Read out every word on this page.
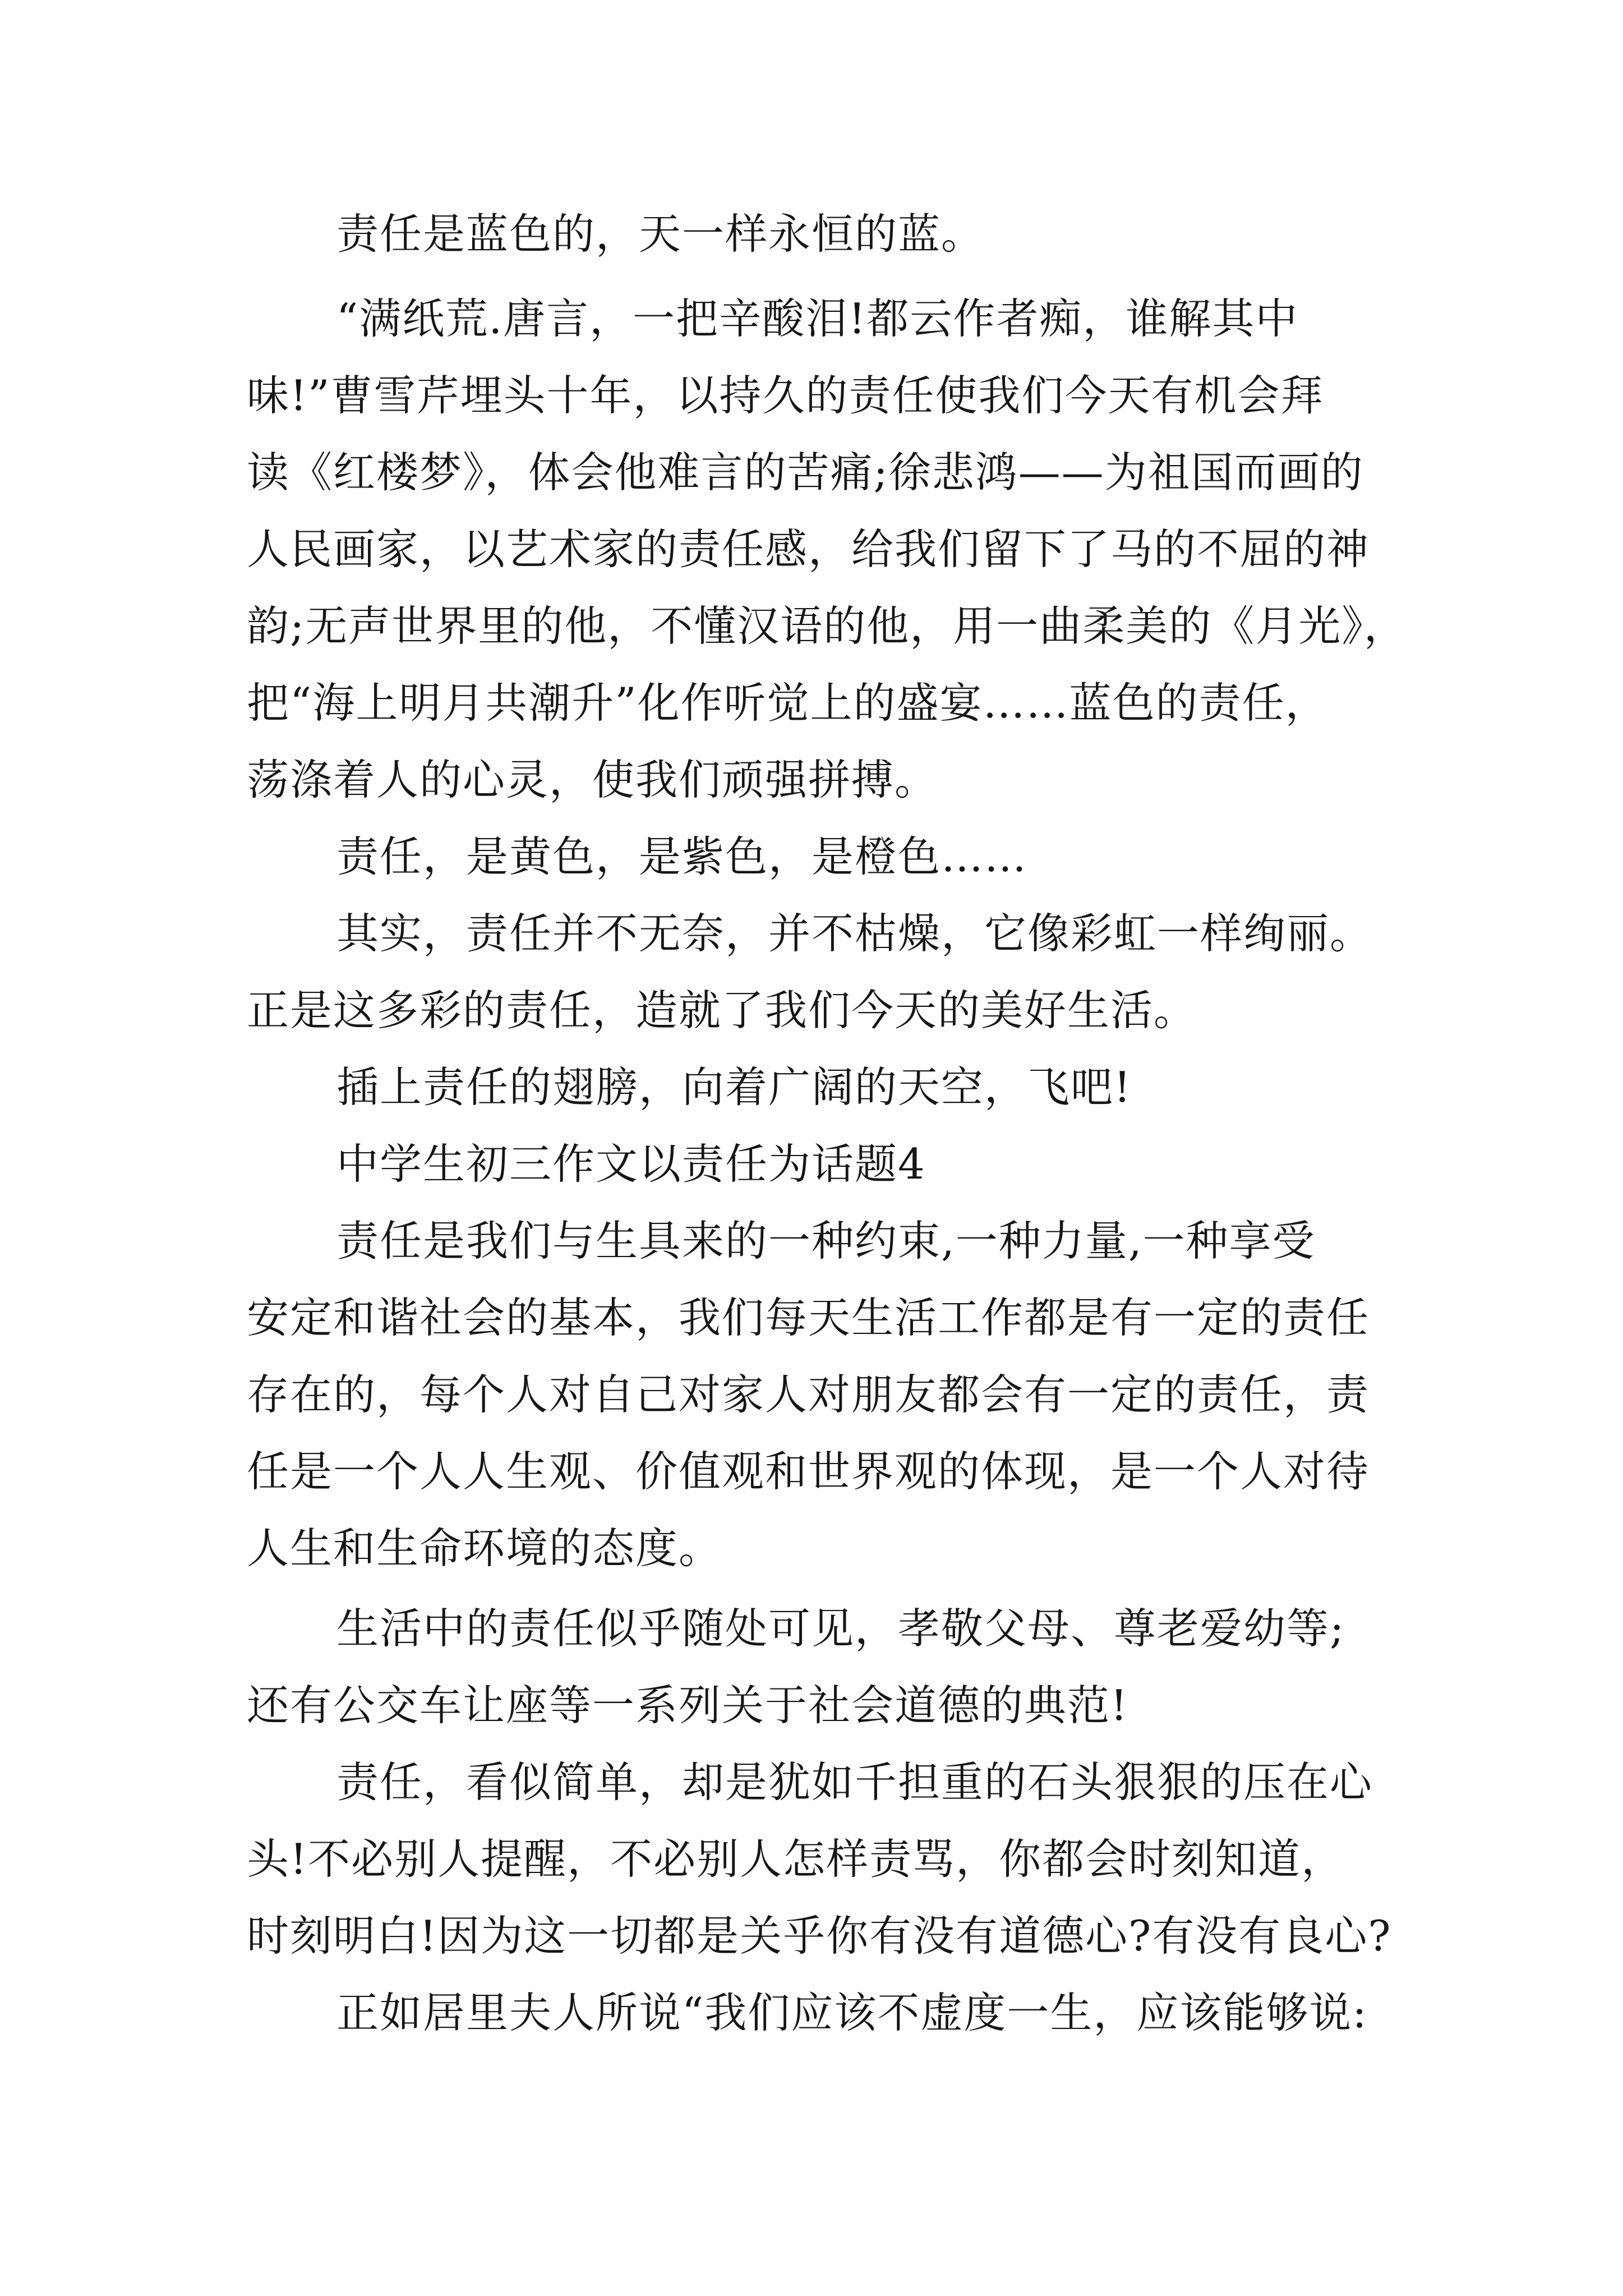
责任是蓝色的，天一样永恒的蓝。
“满纸荒.唐言，一把辛酸泪!都云作者痴，谁解其中
味!”曹雪芹埋头十年，以持久的责任使我们今天有机会拜
读《红楼梦》，体会他难言的苦痛;徐悲鸿——为祖国而画的
人民画家，以艺术家的责任感，给我们留下了马的不屈的神
韵;无声世界里的他，不懂汉语的他，用一曲柔美的《月光》，
把“海上明月共潮升”化作听觉上的盛宴……蓝色的责任，
荡涤着人的心灵，使我们顽强拼搏。
责任，是黄色，是紫色，是橙色……
其实，责任并不无奈，并不枯燥，它像彩虹一样绚丽。
正是这多彩的责任，造就了我们今天的美好生活。
插上责任的翅膀，向着广阔的天空，飞吧!
中学生初三作文以责任为话题4
责任是我们与生具来的一种约束,一种力量,一种享受
安定和谐社会的基本，我们每天生活工作都是有一定的责任
存在的，每个人对自己对家人对朋友都会有一定的责任，责
任是一个人人生观、价值观和世界观的体现，是一个人对待
人生和生命环境的态度。
生活中的责任似乎随处可见，孝敬父母、尊老爱幼等;
还有公交车让座等一系列关于社会道德的典范!
责任，看似简单，却是犹如千担重的石头狠狠的压在心
头!不必别人提醒，不必别人怎样责骂，你都会时刻知道，
时刻明白!因为这一切都是关乎你有没有道德心?有没有良心?
正如居里夫人所说“我们应该不虚度一生，应该能够说:
